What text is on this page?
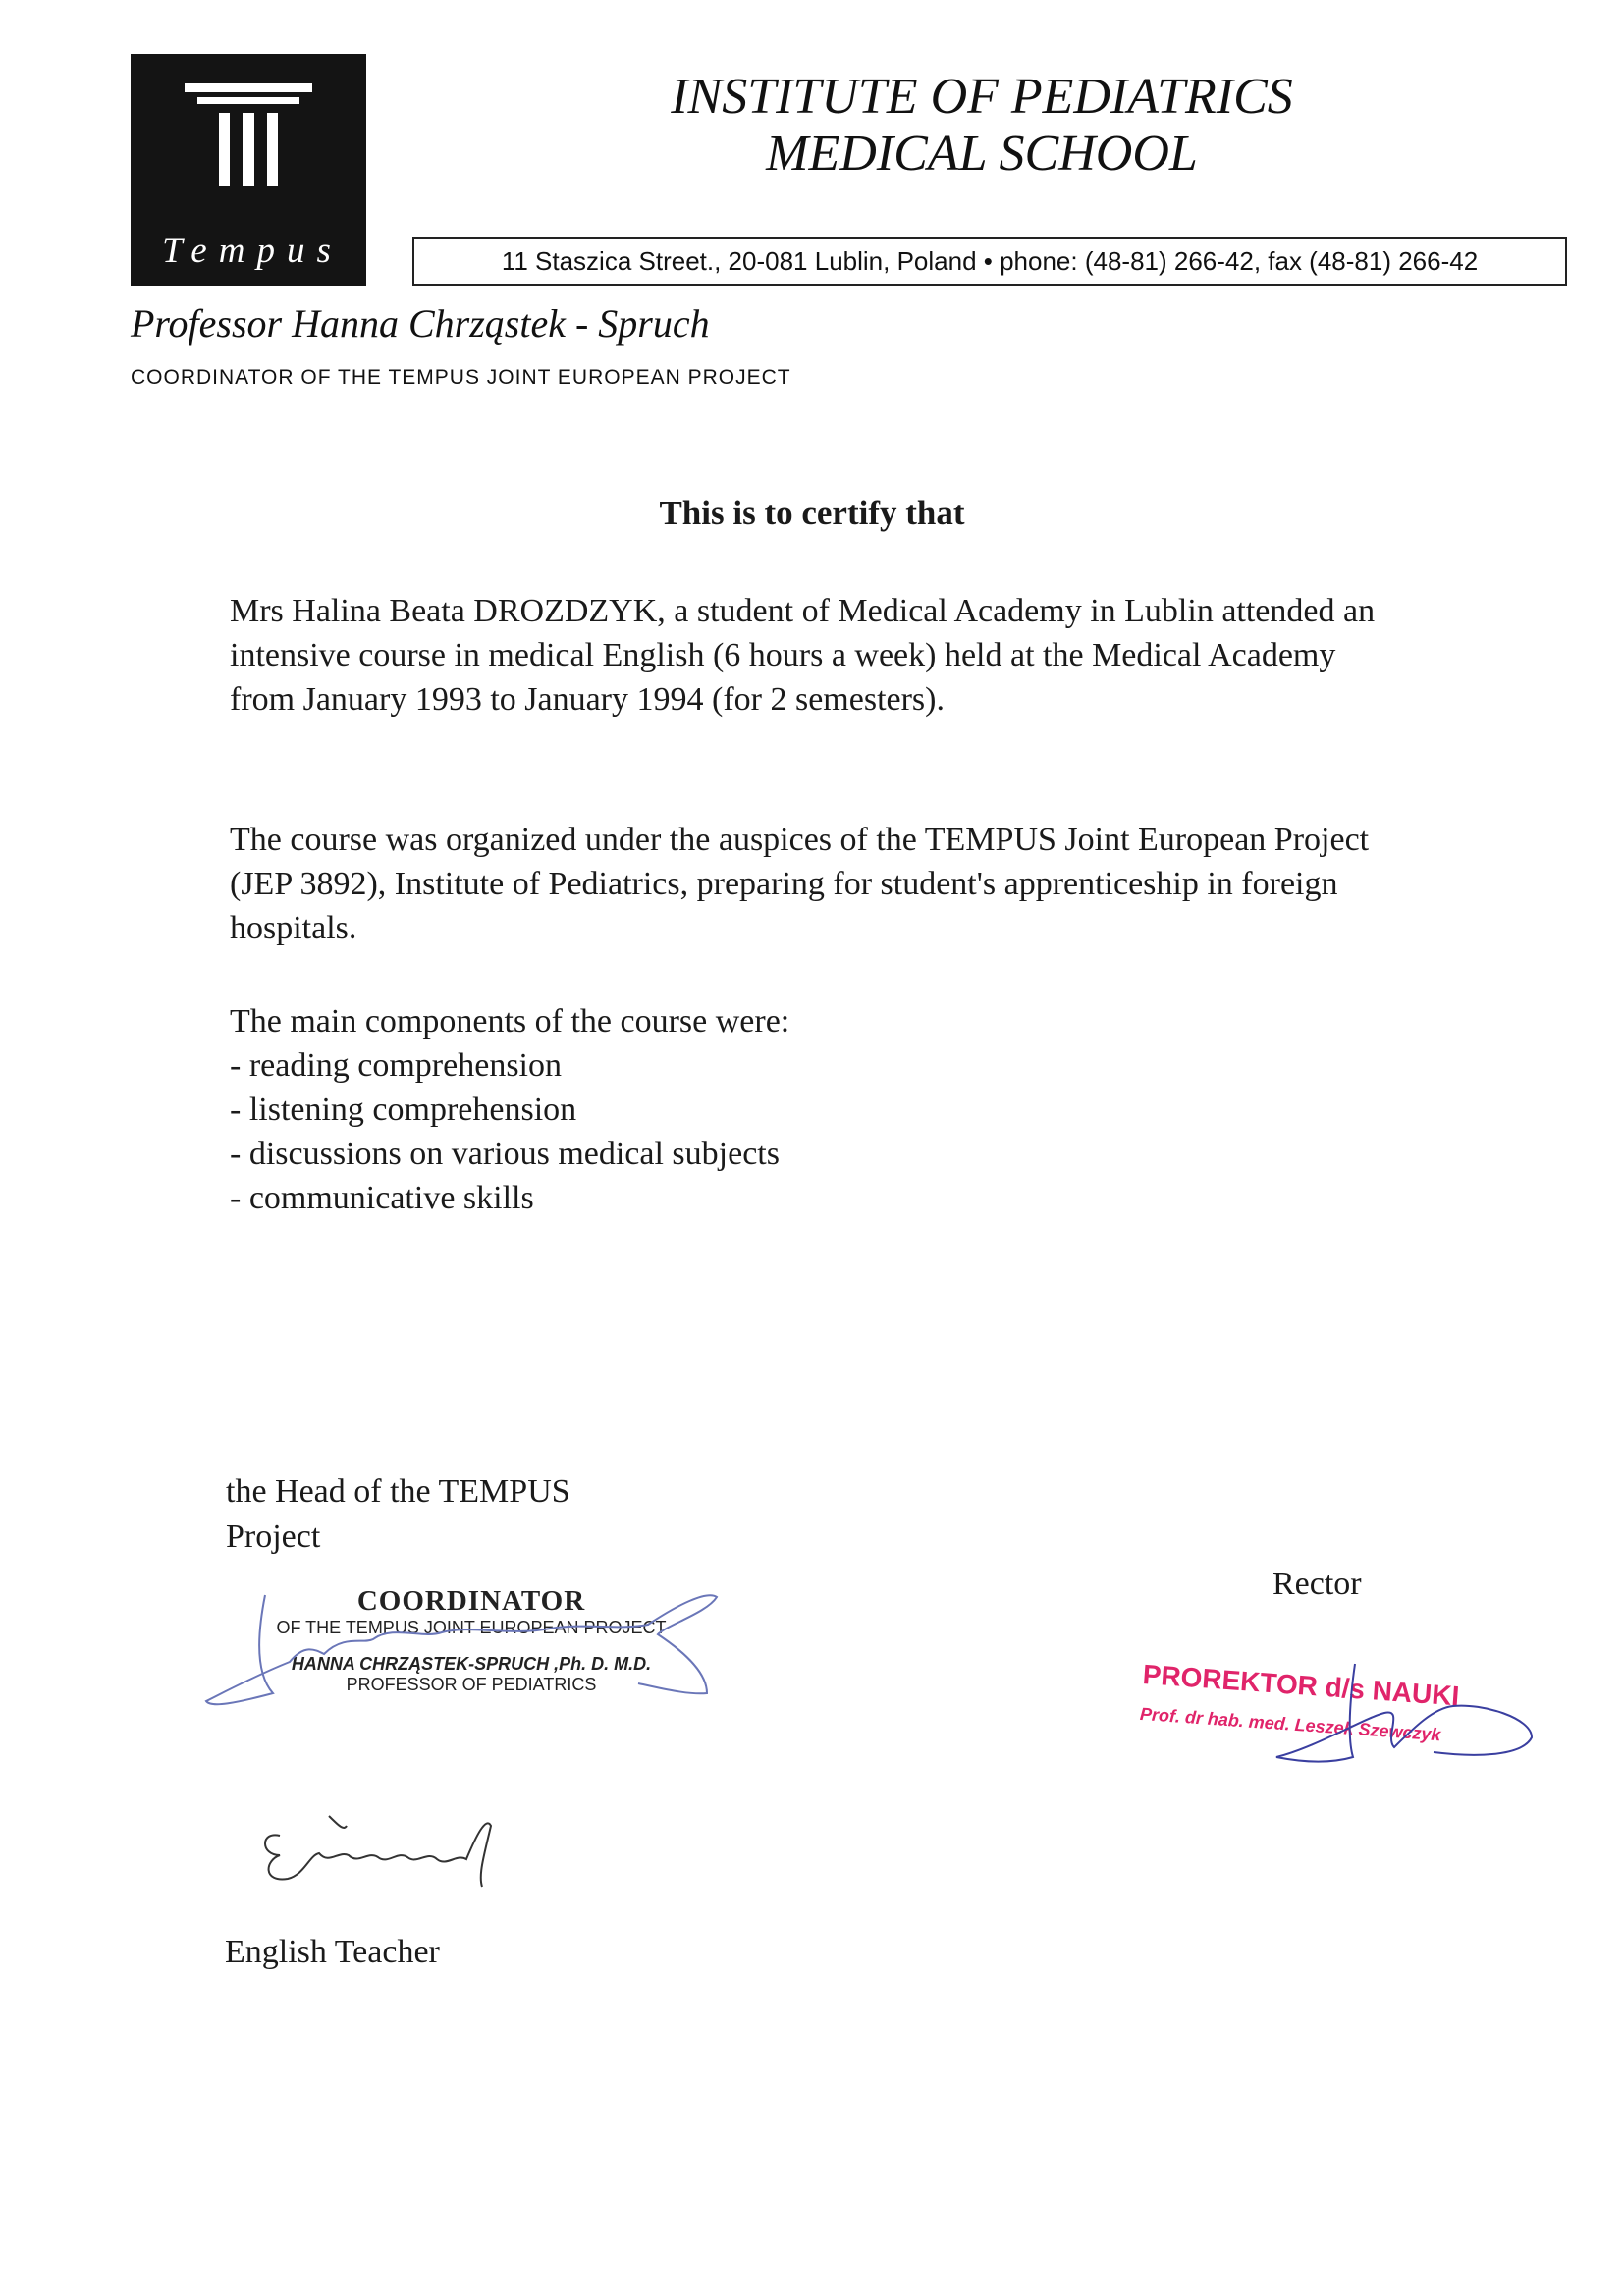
Tempus
INSTITUTE OF PEDIATRICS
MEDICAL SCHOOL
11 Staszica Street., 20-081 Lublin, Poland • phone: (48-81) 266-42, fax (48-81) 266-42
Professor Hanna Chrząstek - Spruch
COORDINATOR OF THE TEMPUS JOINT EUROPEAN PROJECT
This is to certify that
Mrs Halina Beata DROZDZYK, a student of Medical Academy in Lublin attended an intensive course in medical English (6 hours a week) held at the Medical Academy from January 1993 to January 1994 (for 2 semesters).
The course was organized under the auspices of the TEMPUS Joint European Project (JEP 3892), Institute of Pediatrics, preparing for student's apprenticeship in foreign hospitals.
The main components of the course were:
- reading comprehension
- listening comprehension
- discussions on various medical subjects
- communicative skills
the Head of the TEMPUS
Project
COORDINATOR
OF THE TEMPUS JOINT EUROPEAN PROJECT
HANNA CHRZĄSTEK-SPRUCH ,Ph. D. M.D.
PROFESSOR OF PEDIATRICS
Rector
PROREKTOR d/s NAUKI
Prof. dr hab. med. Leszek Szewczyk
English Teacher
